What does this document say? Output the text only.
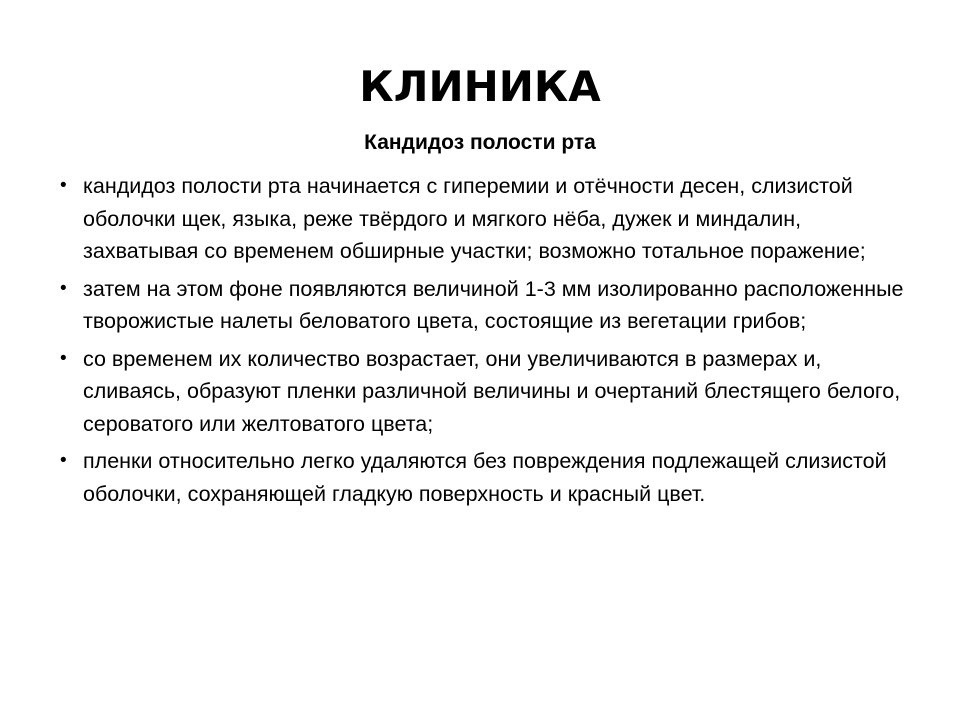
КЛИНИКА
Кандидоз полости рта
• кандидоз полости рта начинается с гиперемии и отёчности десен, слизистой оболочки щек, языка, реже твёрдого и мягкого нёба, дужек и миндалин, захватывая со временем обширные участки; возможно тотальное поражение;
• затем на этом фоне появляются величиной 1-3 мм изолированно расположенные творожистые налеты беловатого цвета, состоящие из вегетации грибов;
• со временем их количество возрастает, они увеличиваются в размерах и, сливаясь, образуют пленки различной величины и очертаний блестящего белого, сероватого или желтоватого цвета;
• пленки относительно легко удаляются без повреждения подлежащей слизистой оболочки, сохраняющей гладкую поверхность и красный цвет.
